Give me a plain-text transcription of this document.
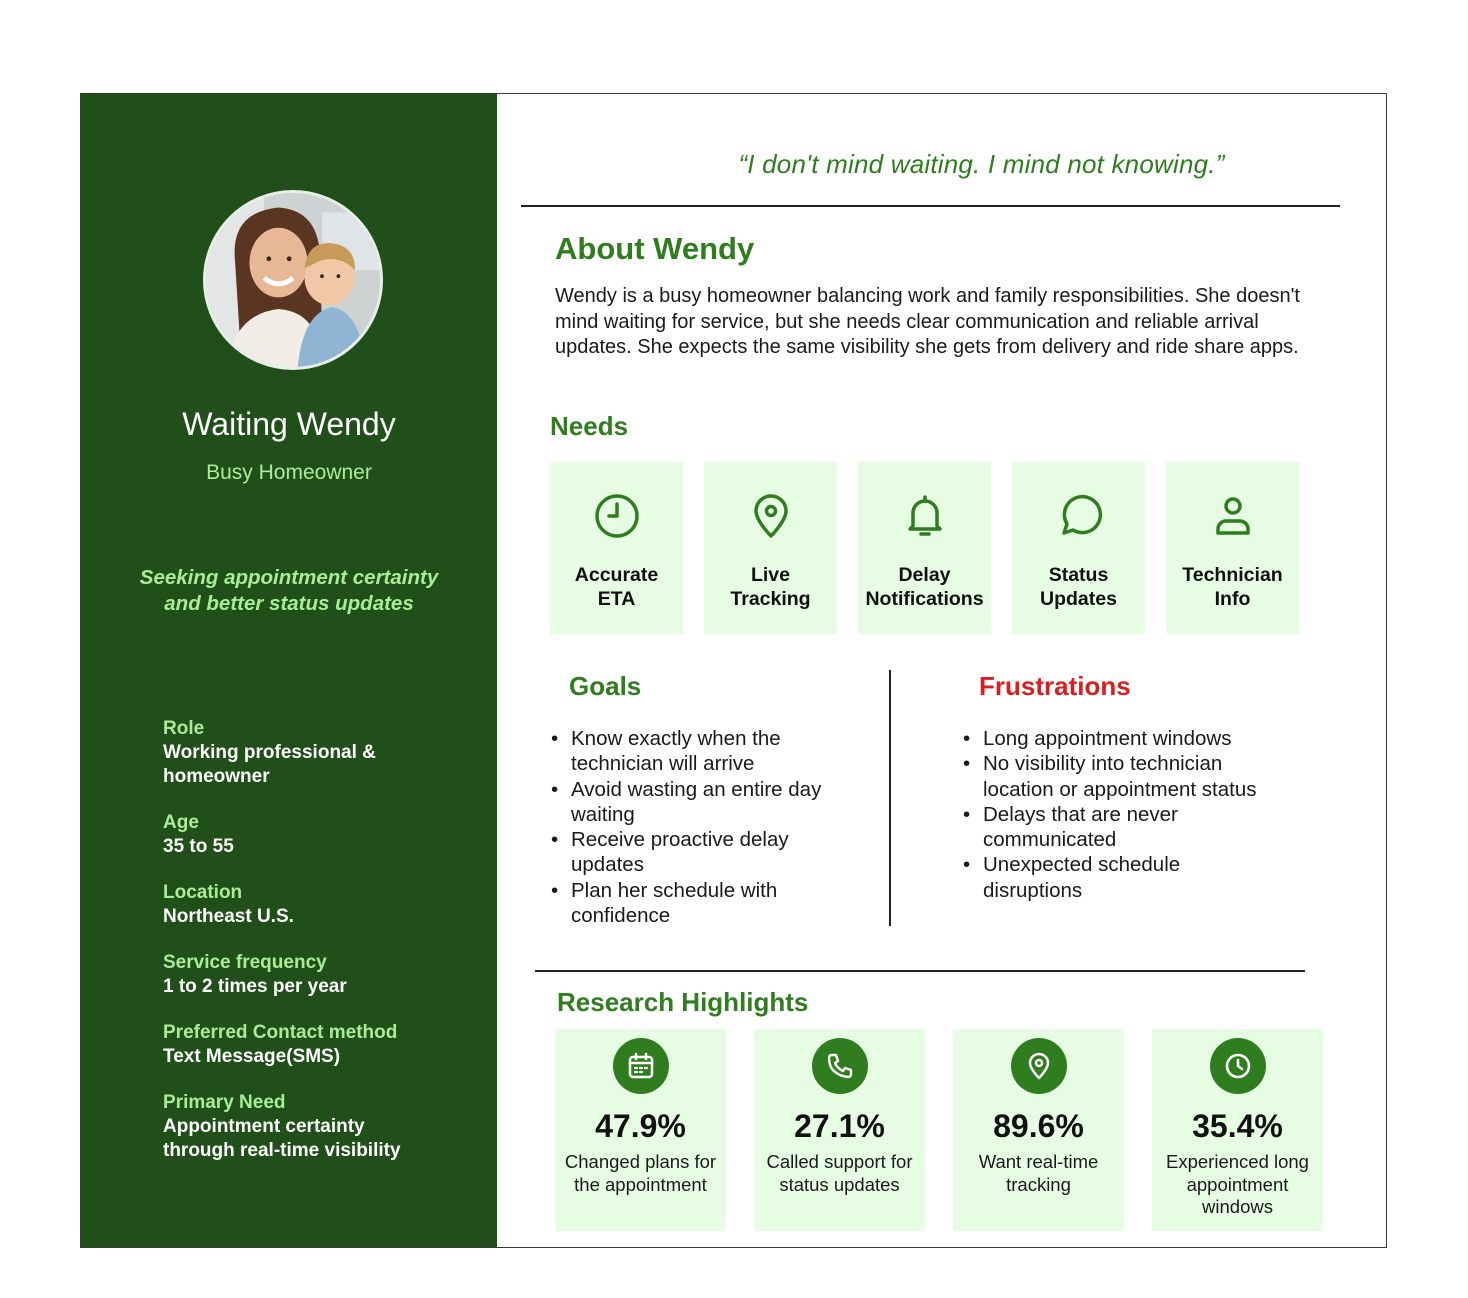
Waiting Wendy
Busy Homeowner
Seeking appointment certainty
and better status updates
Role
Working professional &
homeowner
Age
35 to 55
Location
Northeast U.S.
Service frequency
1 to 2 times per year
Preferred Contact method
Text Message(SMS)
Primary Need
Appointment certainty
through real-time visibility
“I don't mind waiting. I mind not knowing.”
About Wendy
Wendy is a busy homeowner balancing work and family responsibilities. She doesn't mind waiting for service, but she needs clear communication and reliable arrival updates. She expects the same visibility she gets from delivery and ride share apps.
Needs
Accurate
ETA
Live
Tracking
Delay
Notifications
Status
Updates
Technician
Info
Goals
• Know exactly when the
technician will arrive
• Avoid wasting an entire day
waiting
• Receive proactive delay
updates
• Plan her schedule with
confidence
Frustrations
• Long appointment windows
• No visibility into technician
location or appointment status
• Delays that are never
communicated
• Unexpected schedule
disruptions
Research Highlights
47.9%
Changed plans for
the appointment
27.1%
Called support for
status updates
89.6%
Want real-time
tracking
35.4%
Experienced long
appointment
windows
